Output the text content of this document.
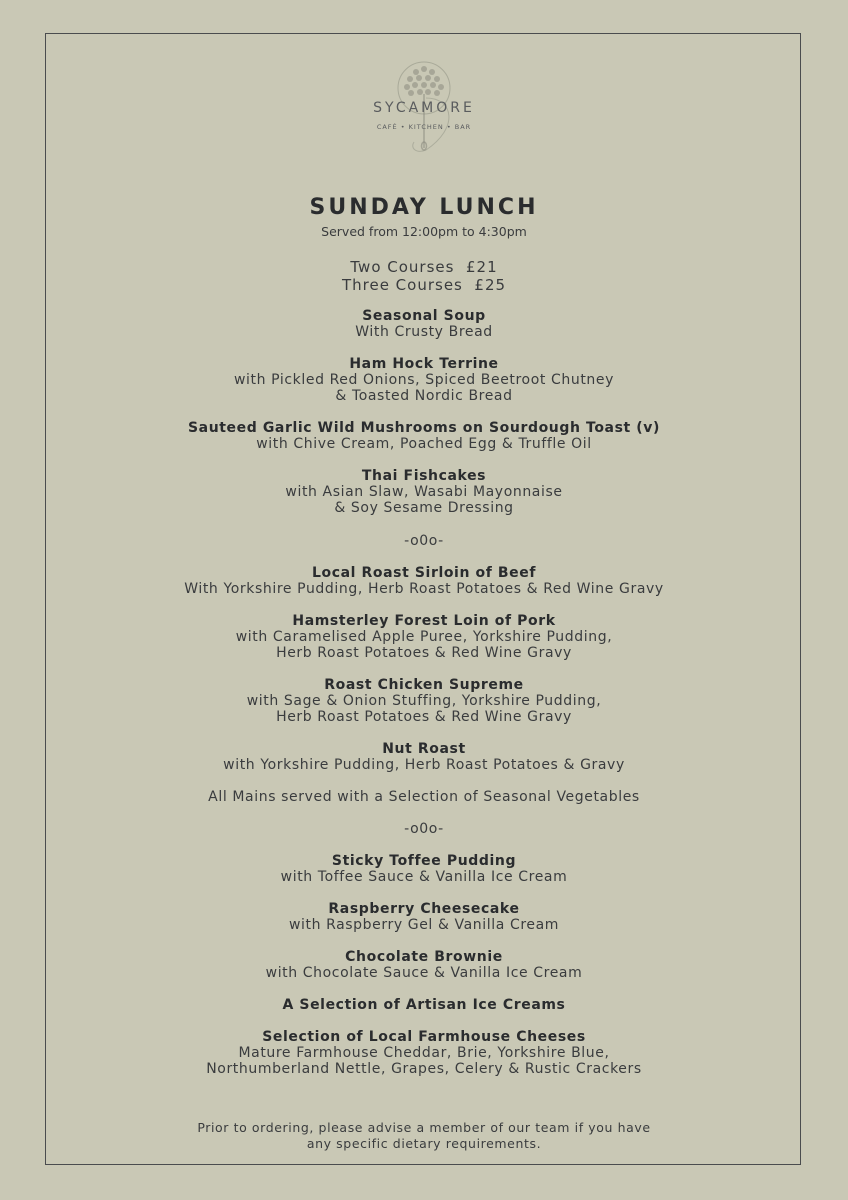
SYCAMORE
CAFÉ • KITCHEN • BAR
SUNDAY LUNCH
Served from 12:00pm to 4:30pm
Two Courses  £21
Three Courses  £25
Seasonal Soup
With Crusty Bread
Ham Hock Terrine
with Pickled Red Onions, Spiced Beetroot Chutney
& Toasted Nordic Bread
Sauteed Garlic Wild Mushrooms on Sourdough Toast (v)
with Chive Cream, Poached Egg & Truffle Oil
Thai Fishcakes
with Asian Slaw, Wasabi Mayonnaise
& Soy Sesame Dressing
-o0o-
Local Roast Sirloin of Beef
With Yorkshire Pudding, Herb Roast Potatoes & Red Wine Gravy
Hamsterley Forest Loin of Pork
with Caramelised Apple Puree, Yorkshire Pudding,
Herb Roast Potatoes & Red Wine Gravy
Roast Chicken Supreme
with Sage & Onion Stuffing, Yorkshire Pudding,
Herb Roast Potatoes & Red Wine Gravy
Nut Roast
with Yorkshire Pudding, Herb Roast Potatoes & Gravy
All Mains served with a Selection of Seasonal Vegetables
-o0o-
Sticky Toffee Pudding
with Toffee Sauce & Vanilla Ice Cream
Raspberry Cheesecake
with Raspberry Gel & Vanilla Cream
Chocolate Brownie
with Chocolate Sauce & Vanilla Ice Cream
A Selection of Artisan Ice Creams
Selection of Local Farmhouse Cheeses
Mature Farmhouse Cheddar, Brie, Yorkshire Blue,
Northumberland Nettle, Grapes, Celery & Rustic Crackers
Prior to ordering, please advise a member of our team if you have
any specific dietary requirements.
